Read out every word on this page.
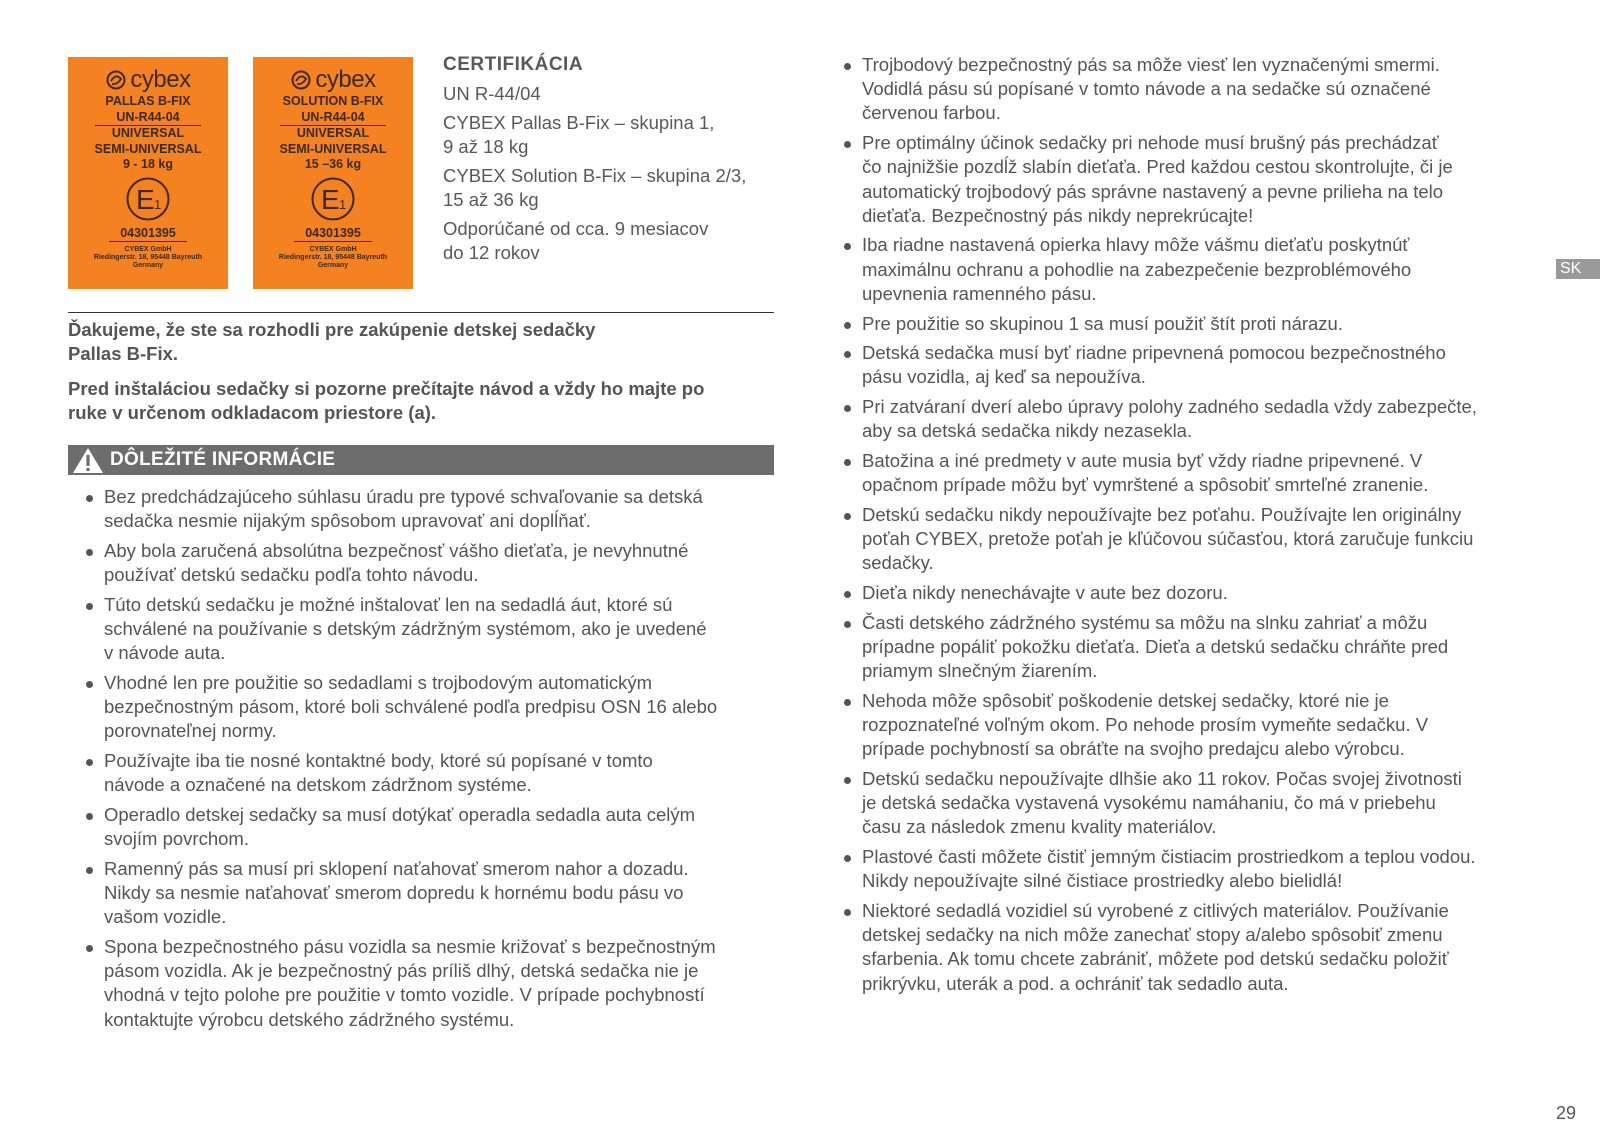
cybex
PALLAS B-FIX
UN-R44-04
UNIVERSAL
SEMI-UNIVERSAL
9 - 18 kg
E 1
04301395
CYBEX GmbH
Riedingerstr. 18, 95448 Bayreuth
Germany
cybex
SOLUTION B-FIX
UN-R44-04
UNIVERSAL
SEMI-UNIVERSAL
15 –36 kg
E 1
04301395
CYBEX GmbH
Riedingerstr. 18, 95448 Bayreuth
Germany
CERTIFIKÁCIA
UN R-44/04
CYBEX Pallas B-Fix – skupina 1,
9 až 18 kg
CYBEX Solution B-Fix – skupina 2/3,
15 až 36 kg
Odporúčané od cca. 9 mesiacov
do 12 rokov

Ďakujeme, že ste sa rozhodli pre zakúpenie detskej sedačky
Pallas B-Fix.

Pred inštaláciou sedačky si pozorne prečítajte návod a vždy ho majte po
ruke v určenom odkladacom priestore (a).

DÔLEŽITÉ INFORMÁCIE
Bez predchádzajúceho súhlasu úradu pre typové schvaľovanie sa detská
sedačka nesmie nijakým spôsobom upravovať ani doplĺňať.
Aby bola zaručená absolútna bezpečnosť vášho dieťaťa, je nevyhnutné
používať detskú sedačku podľa tohto návodu.
Túto detskú sedačku je možné inštalovať len na sedadlá áut, ktoré sú
schválené na používanie s detským zádržným systémom, ako je uvedené
v návode auta.
Vhodné len pre použitie so sedadlami s trojbodovým automatickým
bezpečnostným pásom, ktoré boli schválené podľa predpisu OSN 16 alebo
porovnateľnej normy.
Používajte iba tie nosné kontaktné body, ktoré sú popísané v tomto
návode a označené na detskom zádržnom systéme.
Operadlo detskej sedačky sa musí dotýkať operadla sedadla auta celým
svojím povrchom.
Ramenný pás sa musí pri sklopení naťahovať smerom nahor a dozadu.
Nikdy sa nesmie naťahovať smerom dopredu k hornému bodu pásu vo
vašom vozidle.
Spona bezpečnostného pásu vozidla sa nesmie križovať s bezpečnostným
pásom vozidla. Ak je bezpečnostný pás príliš dlhý, detská sedačka nie je
vhodná v tejto polohe pre použitie v tomto vozidle. V prípade pochybností
kontaktujte výrobcu detského zádržného systému.
Trojbodový bezpečnostný pás sa môže viesť len vyznačenými smermi.
Vodidlá pásu sú popísané v tomto návode a na sedačke sú označené
červenou farbou.
Pre optimálny účinok sedačky pri nehode musí brušný pás prechádzať
čo najnižšie pozdĺž slabín dieťaťa. Pred každou cestou skontrolujte, či je
automatický trojbodový pás správne nastavený a pevne prilieha na telo
dieťaťa. Bezpečnostný pás nikdy neprekrúcajte!
Iba riadne nastavená opierka hlavy môže vášmu dieťaťu poskytnúť
maximálnu ochranu a pohodlie na zabezpečenie bezproblémového
upevnenia ramenného pásu.
Pre použitie so skupinou 1 sa musí použiť štít proti nárazu.
Detská sedačka musí byť riadne pripevnená pomocou bezpečnostného
pásu vozidla, aj keď sa nepoužíva.
Pri zatváraní dverí alebo úpravy polohy zadného sedadla vždy zabezpečte,
aby sa detská sedačka nikdy nezasekla.
Batožina a iné predmety v aute musia byť vždy riadne pripevnené. V
opačnom prípade môžu byť vymrštené a spôsobiť smrteľné zranenie.
Detskú sedačku nikdy nepoužívajte bez poťahu. Používajte len originálny
poťah CYBEX, pretože poťah je kľúčovou súčasťou, ktorá zaručuje funkciu
sedačky.
Dieťa nikdy nenechávajte v aute bez dozoru.
Časti detského zádržného systému sa môžu na slnku zahriať a môžu
príp​adne popáliť pokožku dieťaťa. Dieťa a detskú sedačku chráňte pred
priamym slnečným žiarením.
Nehoda môže spôsobiť poškodenie detskej sedačky, ktoré nie je
rozpoznateľné voľným okom. Po nehode prosím vymeňte sedačku. V
prípade pochybností sa obráťte na svojho predajcu alebo výrobcu.
Detskú sedačku nepoužívajte dlhšie ako 11 rokov. Počas svojej životnosti
je detská sedačka vystavená vysokému namáhaniu, čo má v priebehu
času za následok zmenu kvality materiálov.
Plastové časti môžete čistiť jemným čistiacim prostriedkom a teplou vodou.
Nikdy nepoužívajte silné čistiace prostriedky alebo bielidlá!
Niektoré sedadlá vozidiel sú vyrobené z citlivých materiálov. Používanie
detskej sedačky na nich môže zanechať stopy a/alebo spôsobiť zmenu
sfarbenia. Ak tomu chcete zabrániť, môžete pod detskú sedačku položiť
prikrývku, uterák a pod. a ochrániť tak sedadlo auta.
SK
29
